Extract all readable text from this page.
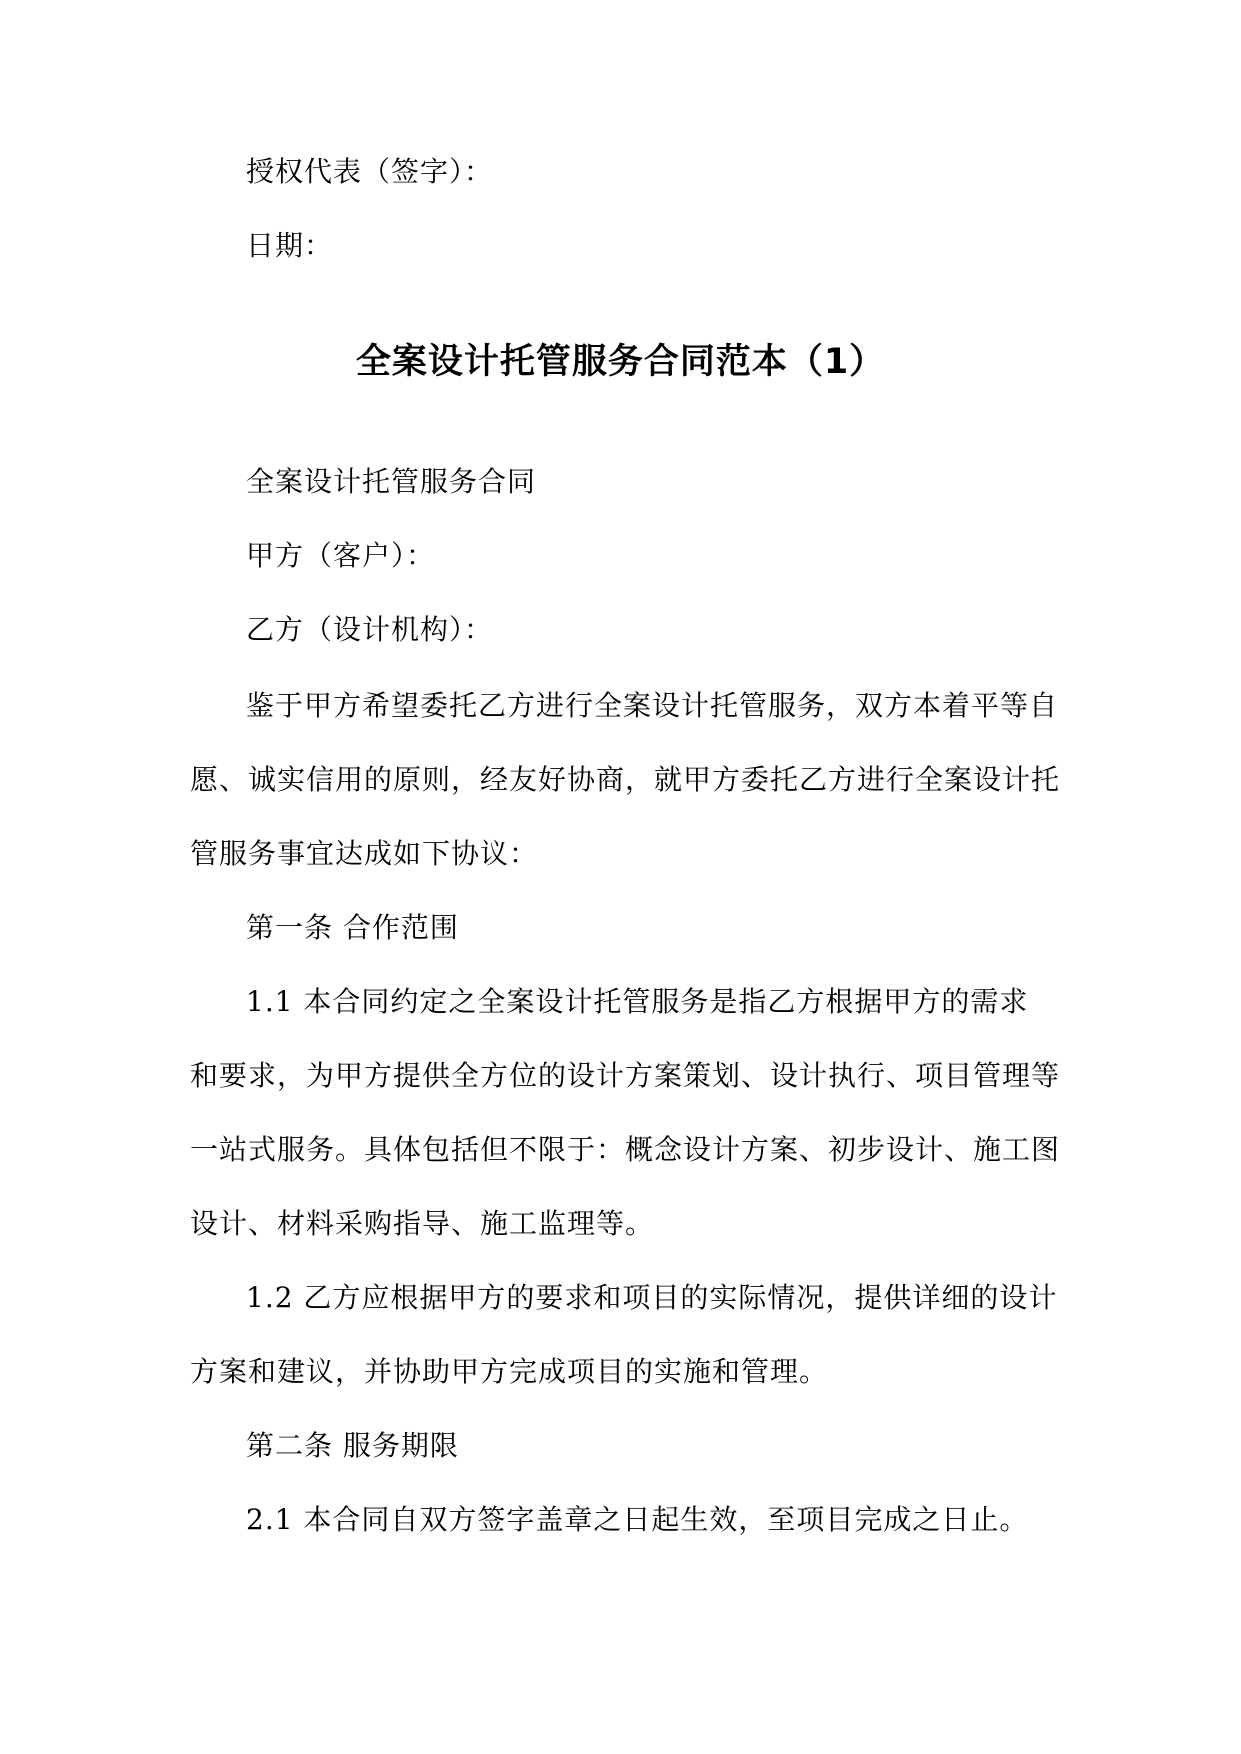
授权代表（签字）：
日期：
全案设计托管服务合同范本（1）
全案设计托管服务合同
甲方（客户）：
乙方（设计机构）：
鉴于甲方希望委托乙方进行全案设计托管服务，双方本着平等自
愿、诚实信用的原则，经友好协商，就甲方委托乙方进行全案设计托
管服务事宜达成如下协议：
第一条 合作范围
1.1 本合同约定之全案设计托管服务是指乙方根据甲方的需求
和要求，为甲方提供全方位的设计方案策划、设计执行、项目管理等
一站式服务。具体包括但不限于：概念设计方案、初步设计、施工图
设计、材料采购指导、施工监理等。
1.2 乙方应根据甲方的要求和项目的实际情况，提供详细的设计
方案和建议，并协助甲方完成项目的实施和管理。
第二条 服务期限
2.1 本合同自双方签字盖章之日起生效，至项目完成之日止。
